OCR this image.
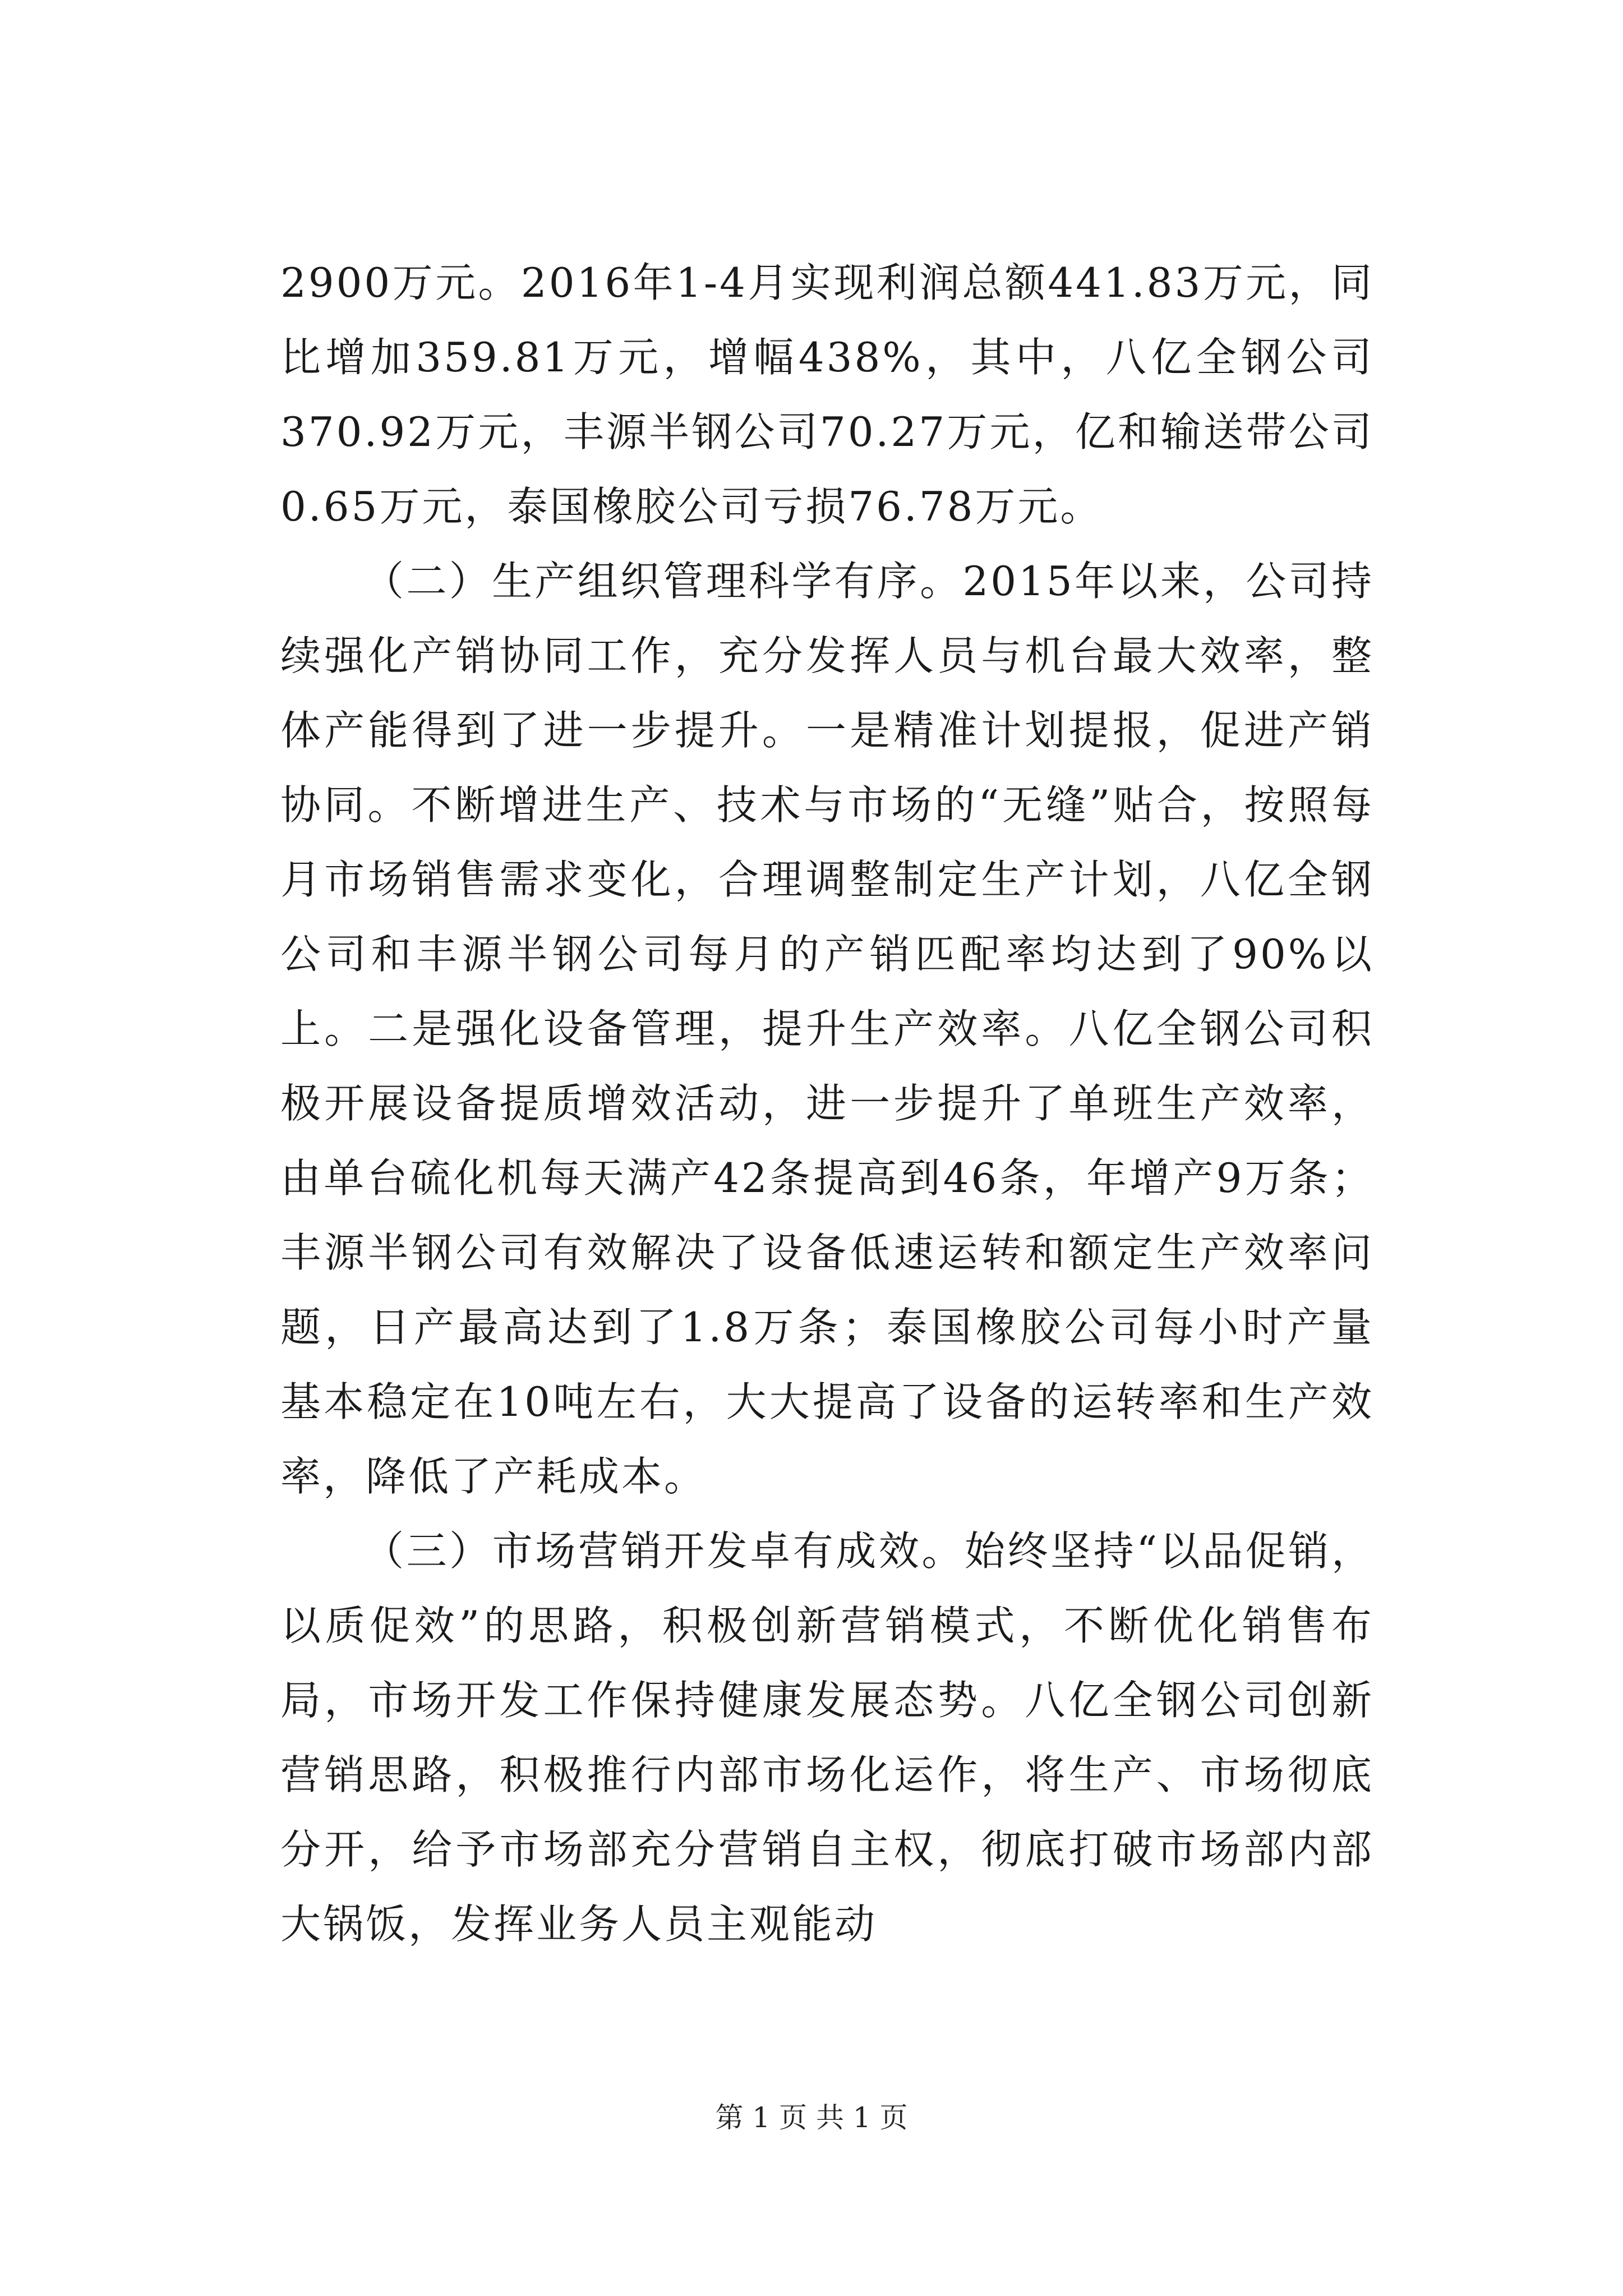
2900万元。2016年1-4月实现利润总额441.83万元，同比增加359.81万元，增幅438%，其中，八亿全钢公司370.92万元，丰源半钢公司70.27万元，亿和输送带公司0.65万元，泰国橡胶公司亏损76.78万元。

（二）生产组织管理科学有序。2015年以来，公司持续强化产销协同工作，充分发挥人员与机台最大效率，整体产能得到了进一步提升。一是精准计划提报，促进产销协同。不断增进生产、技术与市场的“无缝”贴合，按照每月市场销售需求变化，合理调整制定生产计划，八亿全钢公司和丰源半钢公司每月的产销匹配率均达到了90%以上。二是强化设备管理，提升生产效率。八亿全钢公司积极开展设备提质增效活动，进一步提升了单班生产效率，由单台硫化机每天满产42条提高到46条，年增产9万条；丰源半钢公司有效解决了设备低速运转和额定生产效率问题，日产最高达到了1.8万条；泰国橡胶公司每小时产量基本稳定在10吨左右，大大提高了设备的运转率和生产效率，降低了产耗成本。

（三）市场营销开发卓有成效。始终坚持“以品促销，以质促效”的思路，积极创新营销模式，不断优化销售布局，市场开发工作保持健康发展态势。八亿全钢公司创新营销思路，积极推行内部市场化运作，将生产、市场彻底分开，给予市场部充分营销自主权，彻底打破市场部内部大锅饭，发挥业务人员主观能动

第 1 页 共 1 页
